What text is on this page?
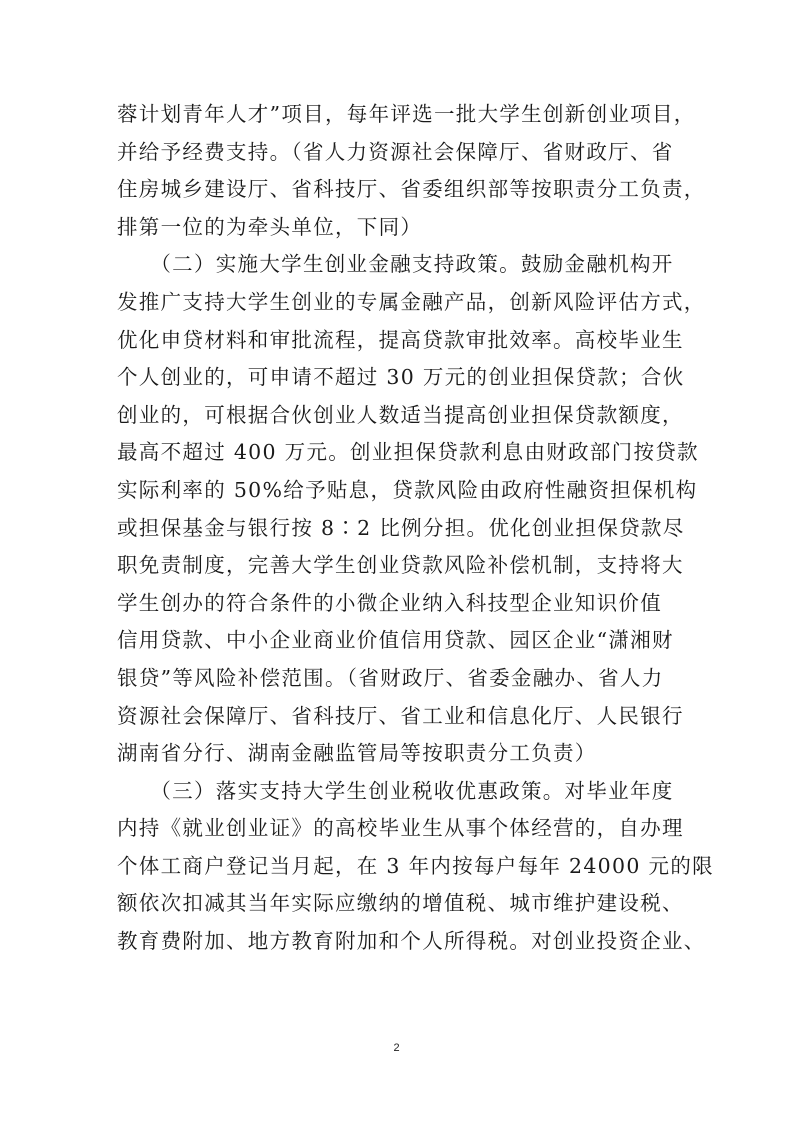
蓉计划青年人才”项目，每年评选一批大学生创新创业项目，
并给予经费支持。（省人力资源社会保障厅、省财政厅、省
住房城乡建设厅、省科技厅、省委组织部等按职责分工负责，
排第一位的为牵头单位，下同）
　　（二）实施大学生创业金融支持政策。鼓励金融机构开
发推广支持大学生创业的专属金融产品，创新风险评估方式，
优化申贷材料和审批流程，提高贷款审批效率。高校毕业生
个人创业的，可申请不超过 30 万元的创业担保贷款；合伙
创业的，可根据合伙创业人数适当提高创业担保贷款额度，
最高不超过 400 万元。创业担保贷款利息由财政部门按贷款
实际利率的 50%给予贴息，贷款风险由政府性融资担保机构
或担保基金与银行按 8∶2 比例分担。优化创业担保贷款尽
职免责制度，完善大学生创业贷款风险补偿机制，支持将大
学生创办的符合条件的小微企业纳入科技型企业知识价值
信用贷款、中小企业商业价值信用贷款、园区企业“潇湘财
银贷”等风险补偿范围。（省财政厅、省委金融办、省人力
资源社会保障厅、省科技厅、省工业和信息化厅、人民银行
湖南省分行、湖南金融监管局等按职责分工负责）
　　（三）落实支持大学生创业税收优惠政策。对毕业年度
内持《就业创业证》的高校毕业生从事个体经营的，自办理
个体工商户登记当月起，在 3 年内按每户每年 24000 元的限
额依次扣减其当年实际应缴纳的增值税、城市维护建设税、
教育费附加、地方教育附加和个人所得税。对创业投资企业、
2
